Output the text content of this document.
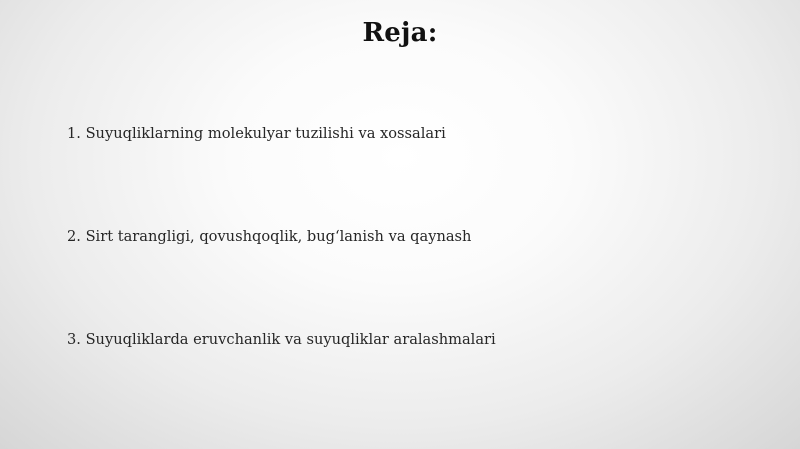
Reja:
1. Suyuqliklarning molekulyar tuzilishi va xossalari
2. Sirt tarangligi, qovushqoqlik, bugʻlanish va qaynash
3. Suyuqliklarda eruvchanlik va suyuqliklar aralashmalari
